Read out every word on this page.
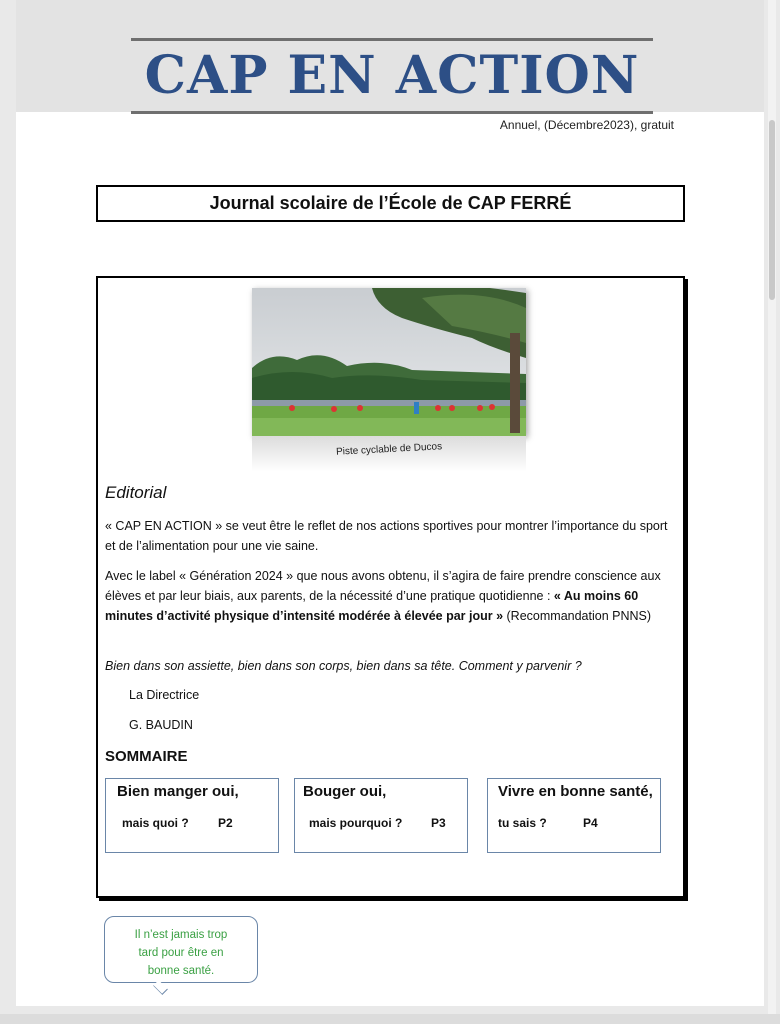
CAP EN ACTION
Annuel, (Décembre2023), gratuit
Journal scolaire de l’École de CAP FERRÉ
Piste cyclable de Ducos
Editorial
« CAP EN ACTION » se veut être le reflet de nos actions sportives pour montrer l’importance du sport et de l’alimentation pour une vie saine.
Avec le label « Génération 2024 » que nous avons obtenu, il s’agira de faire prendre conscience aux élèves et par leur biais, aux parents, de la nécessité d’une pratique quotidienne : « Au moins 60 minutes d’activité physique d’intensité modérée à élevée par jour » (Recommandation PNNS)
Bien dans son assiette, bien dans son corps, bien dans sa tête. Comment y parvenir ?
La Directrice
G. BAUDIN
SOMMAIRE
Bien manger oui,
mais quoi ? P2
Bouger oui,
mais pourquoi ? P3
Vivre en bonne santé,
tu sais ?	P4
Il n’est jamais trop
tard pour être en
bonne santé.
